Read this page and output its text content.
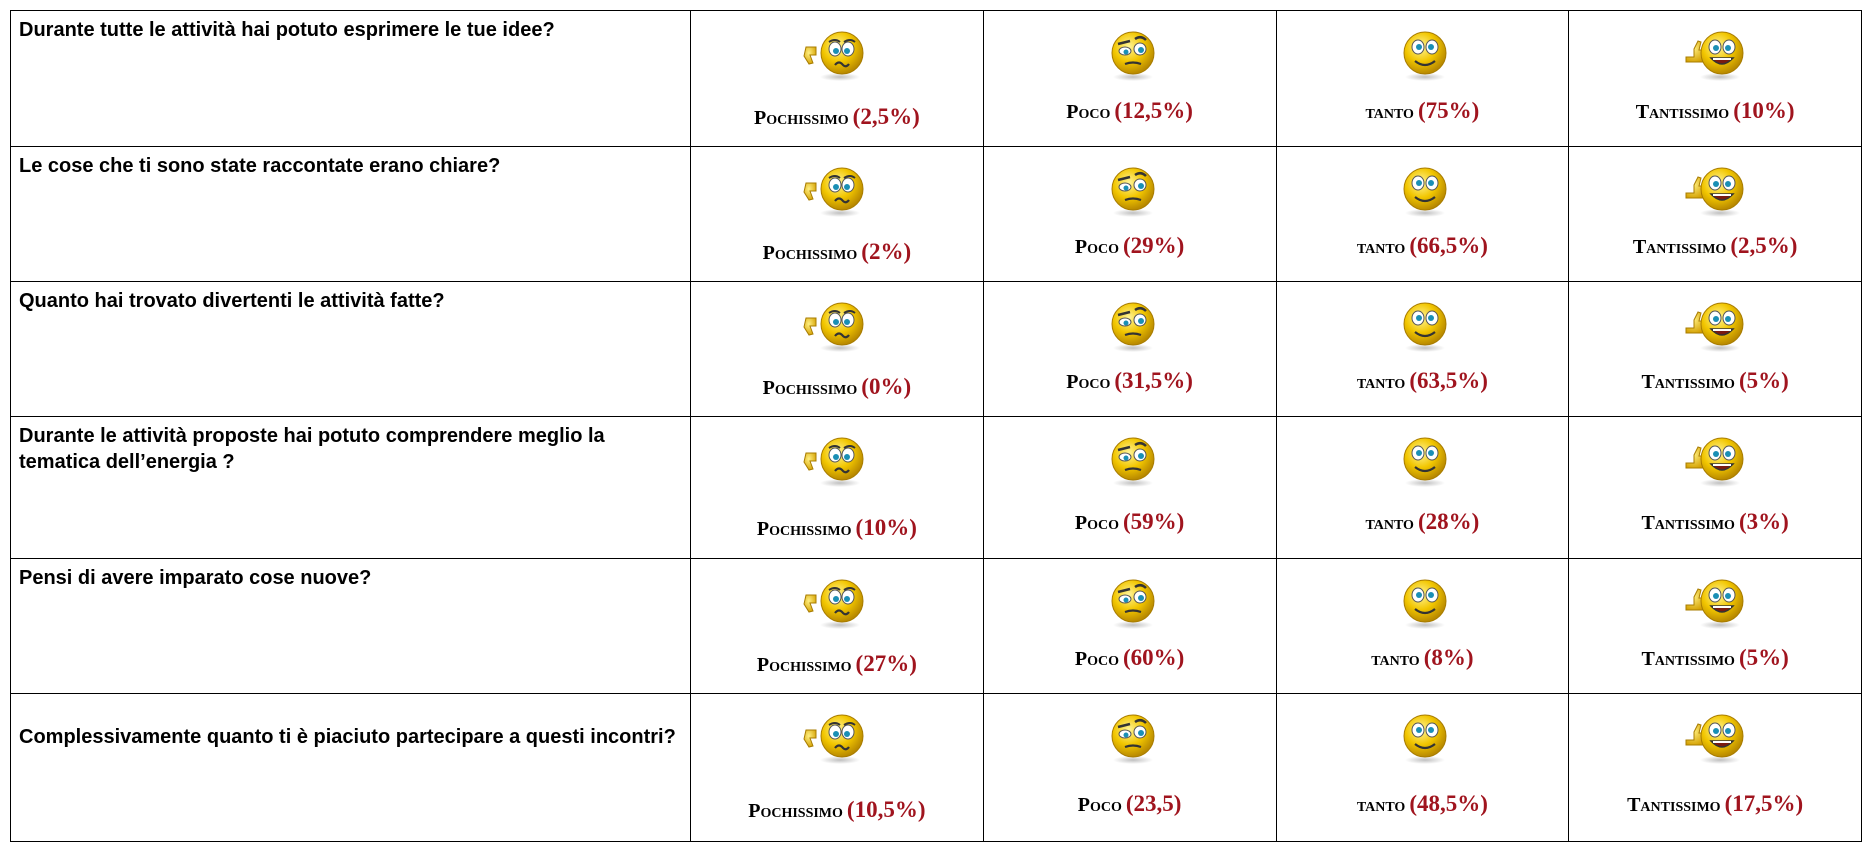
Durante tutte le attività hai potuto esprimere le tue idee?	Pochissimo (2,5%)	Poco (12,5%)	tanto (75%)	Tantissimo (10%)

Le cose che ti sono state raccontate erano chiare?	Pochissimo (2%)	Poco (29%)	tanto (66,5%)	Tantissimo (2,5%)

Quanto hai trovato divertenti le attività fatte?	Pochissimo (0%)	Poco (31,5%)	tanto (63,5%)	Tantissimo (5%)

Durante le attività proposte hai potuto comprendere meglio la tematica dell’energia ?	Pochissimo (10%)	Poco (59%)	tanto (28%)	Tantissimo (3%)

Pensi di avere imparato cose nuove?	Pochissimo (27%)	Poco (60%)	tanto (8%)	Tantissimo (5%)

Complessivamente quanto ti è piaciuto partecipare a questi incontri?	Pochissimo (10,5%)	Poco (23,5)	tanto (48,5%)	Tantissimo (17,5%)
